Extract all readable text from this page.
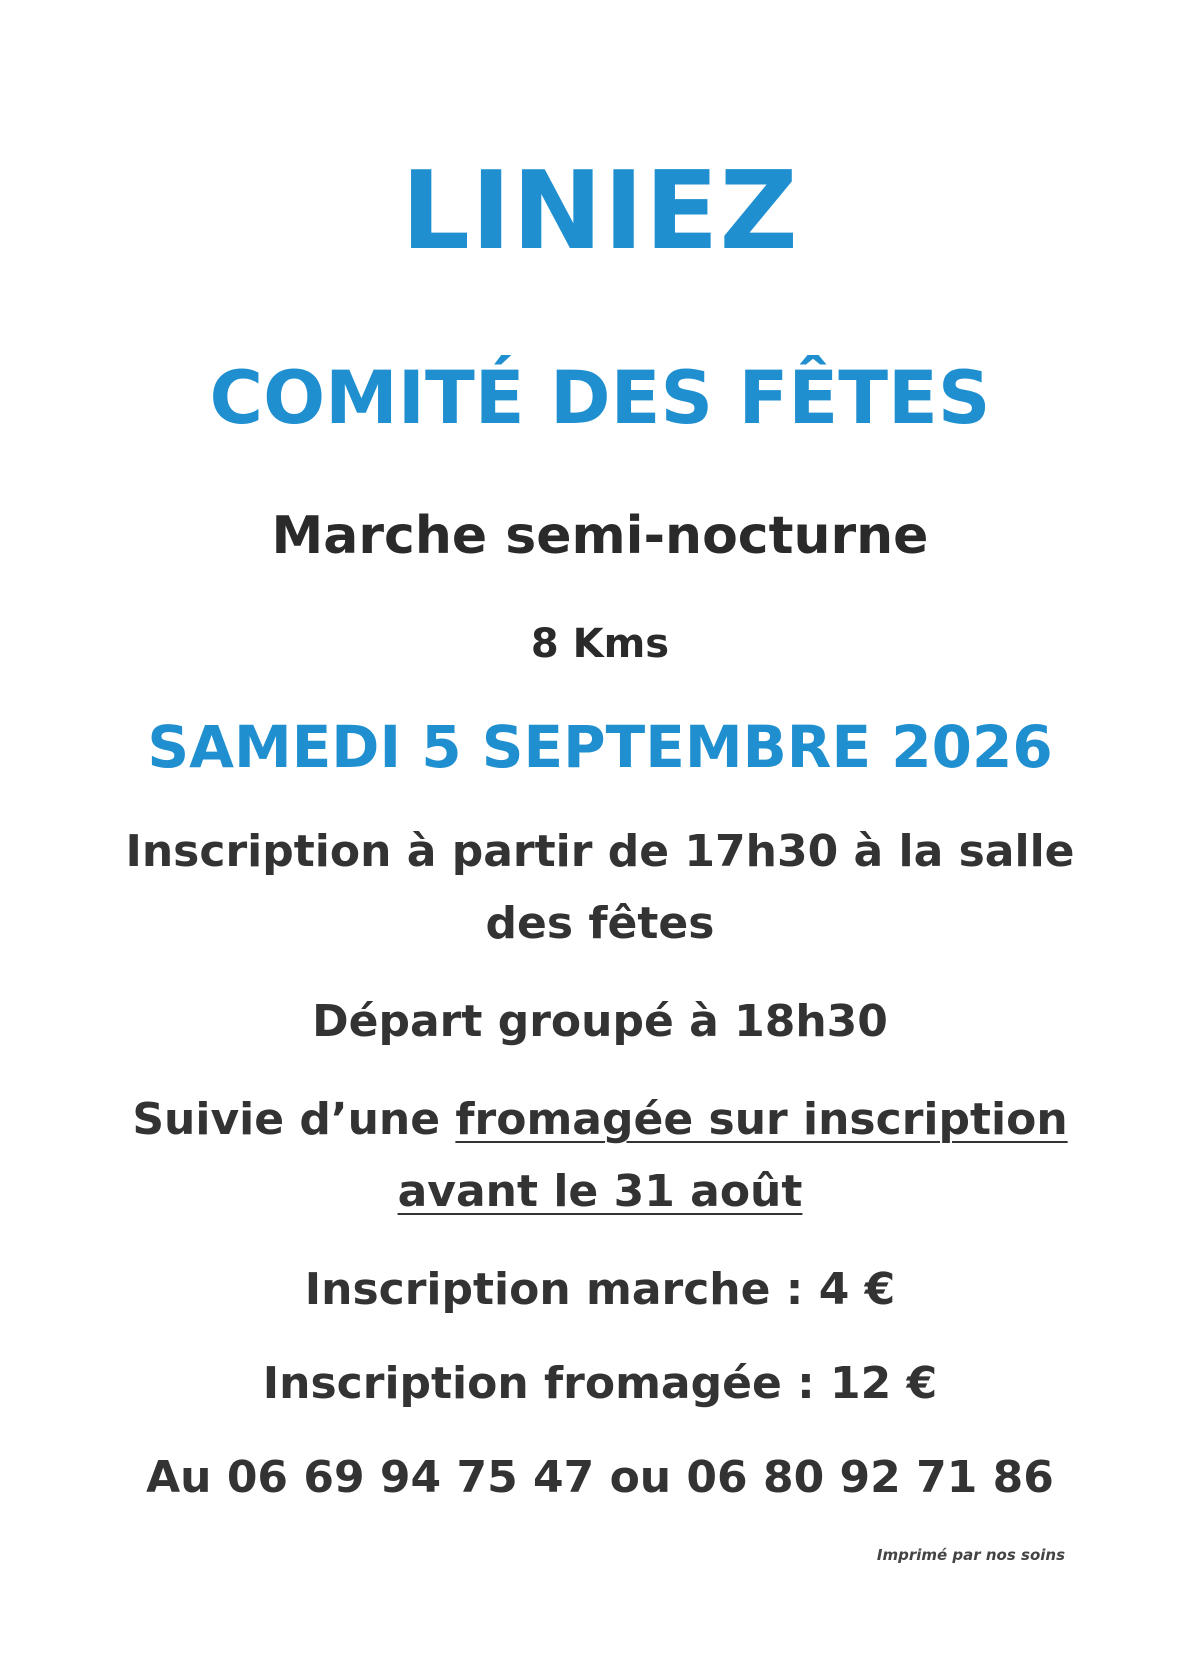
LINIEZ
COMITÉ DES FÊTES
Marche semi-nocturne
8 Kms
SAMEDI 5 SEPTEMBRE 2026
Inscription à partir de 17h30 à la salle
des fêtes
Départ groupé à 18h30
Suivie d’une fromagée sur inscription
avant le 31 août
Inscription marche : 4 €
Inscription fromagée : 12 €
Au 06 69 94 75 47 ou 06 80 92 71 86
Imprimé par nos soins
